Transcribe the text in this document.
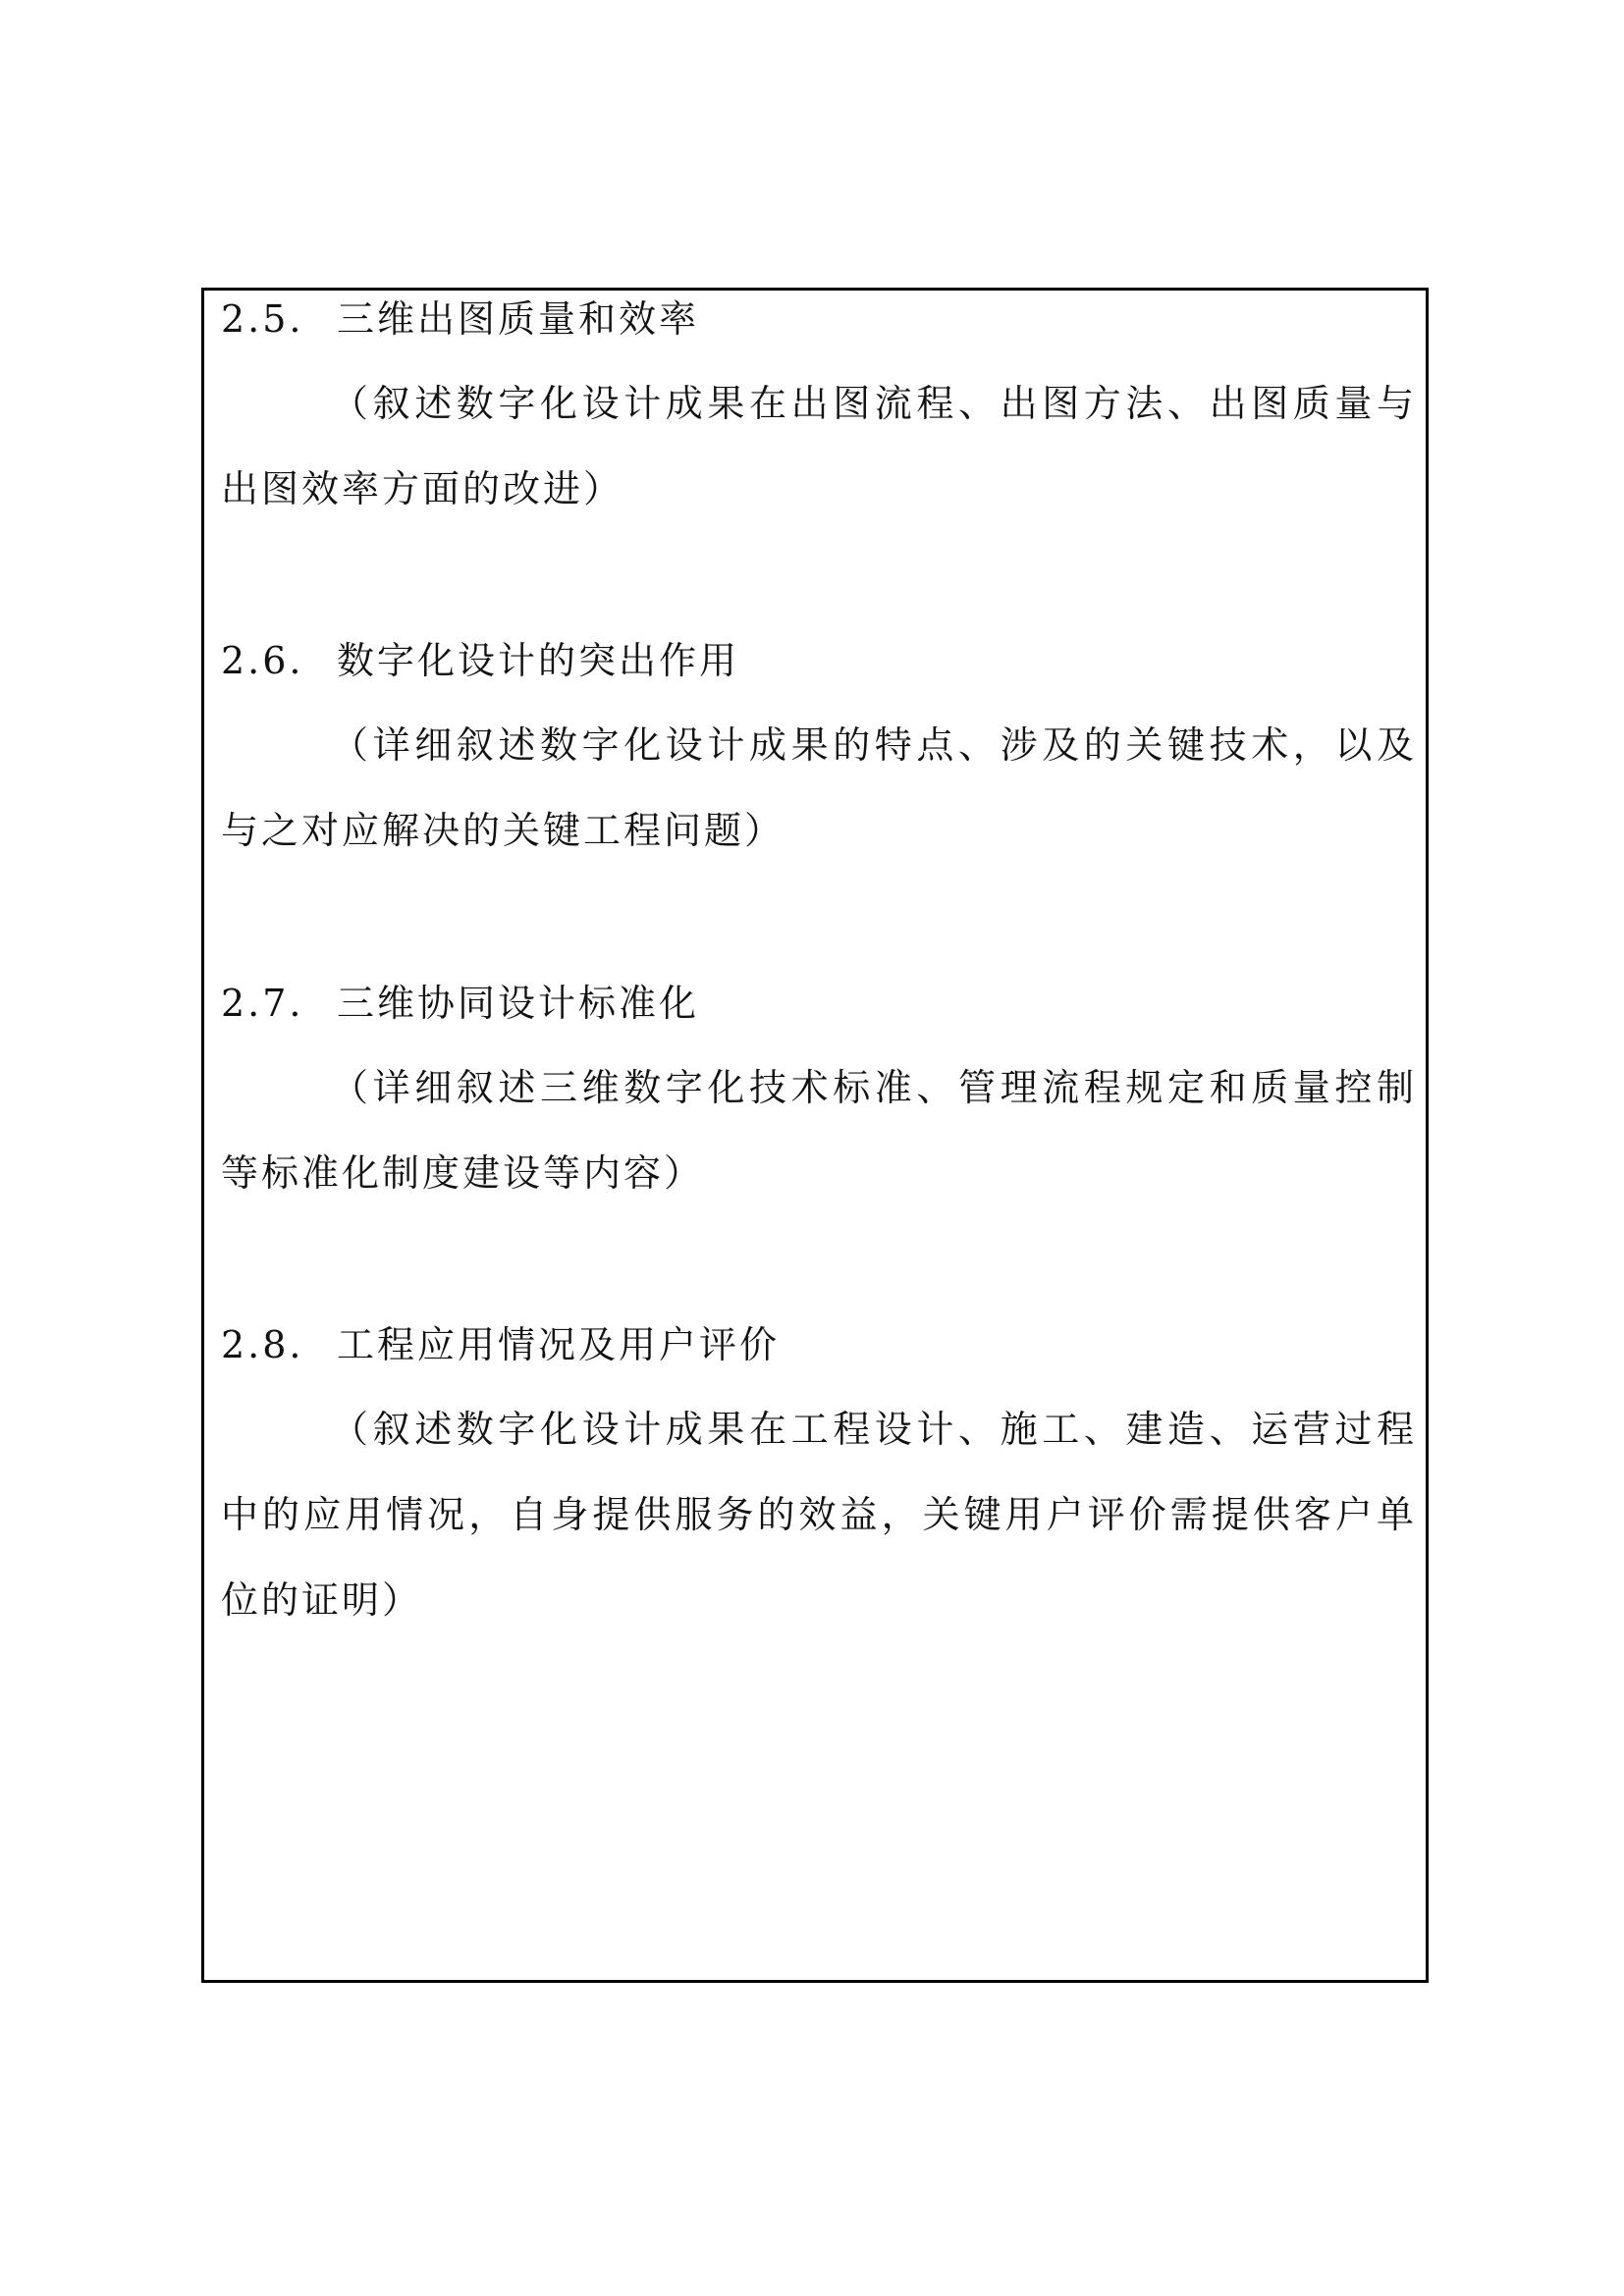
2.5. 三维出图质量和效率
（叙述数字化设计成果在出图流程、出图方法、出图质量与出图效率方面的改进）
2.6. 数字化设计的突出作用
（详细叙述数字化设计成果的特点、涉及的关键技术，以及与之对应解决的关键工程问题）
2.7. 三维协同设计标准化
（详细叙述三维数字化技术标准、管理流程规定和质量控制等标准化制度建设等内容）
2.8. 工程应用情况及用户评价
（叙述数字化设计成果在工程设计、施工、建造、运营过程中的应用情况，自身提供服务的效益，关键用户评价需提供客户单位的证明）
